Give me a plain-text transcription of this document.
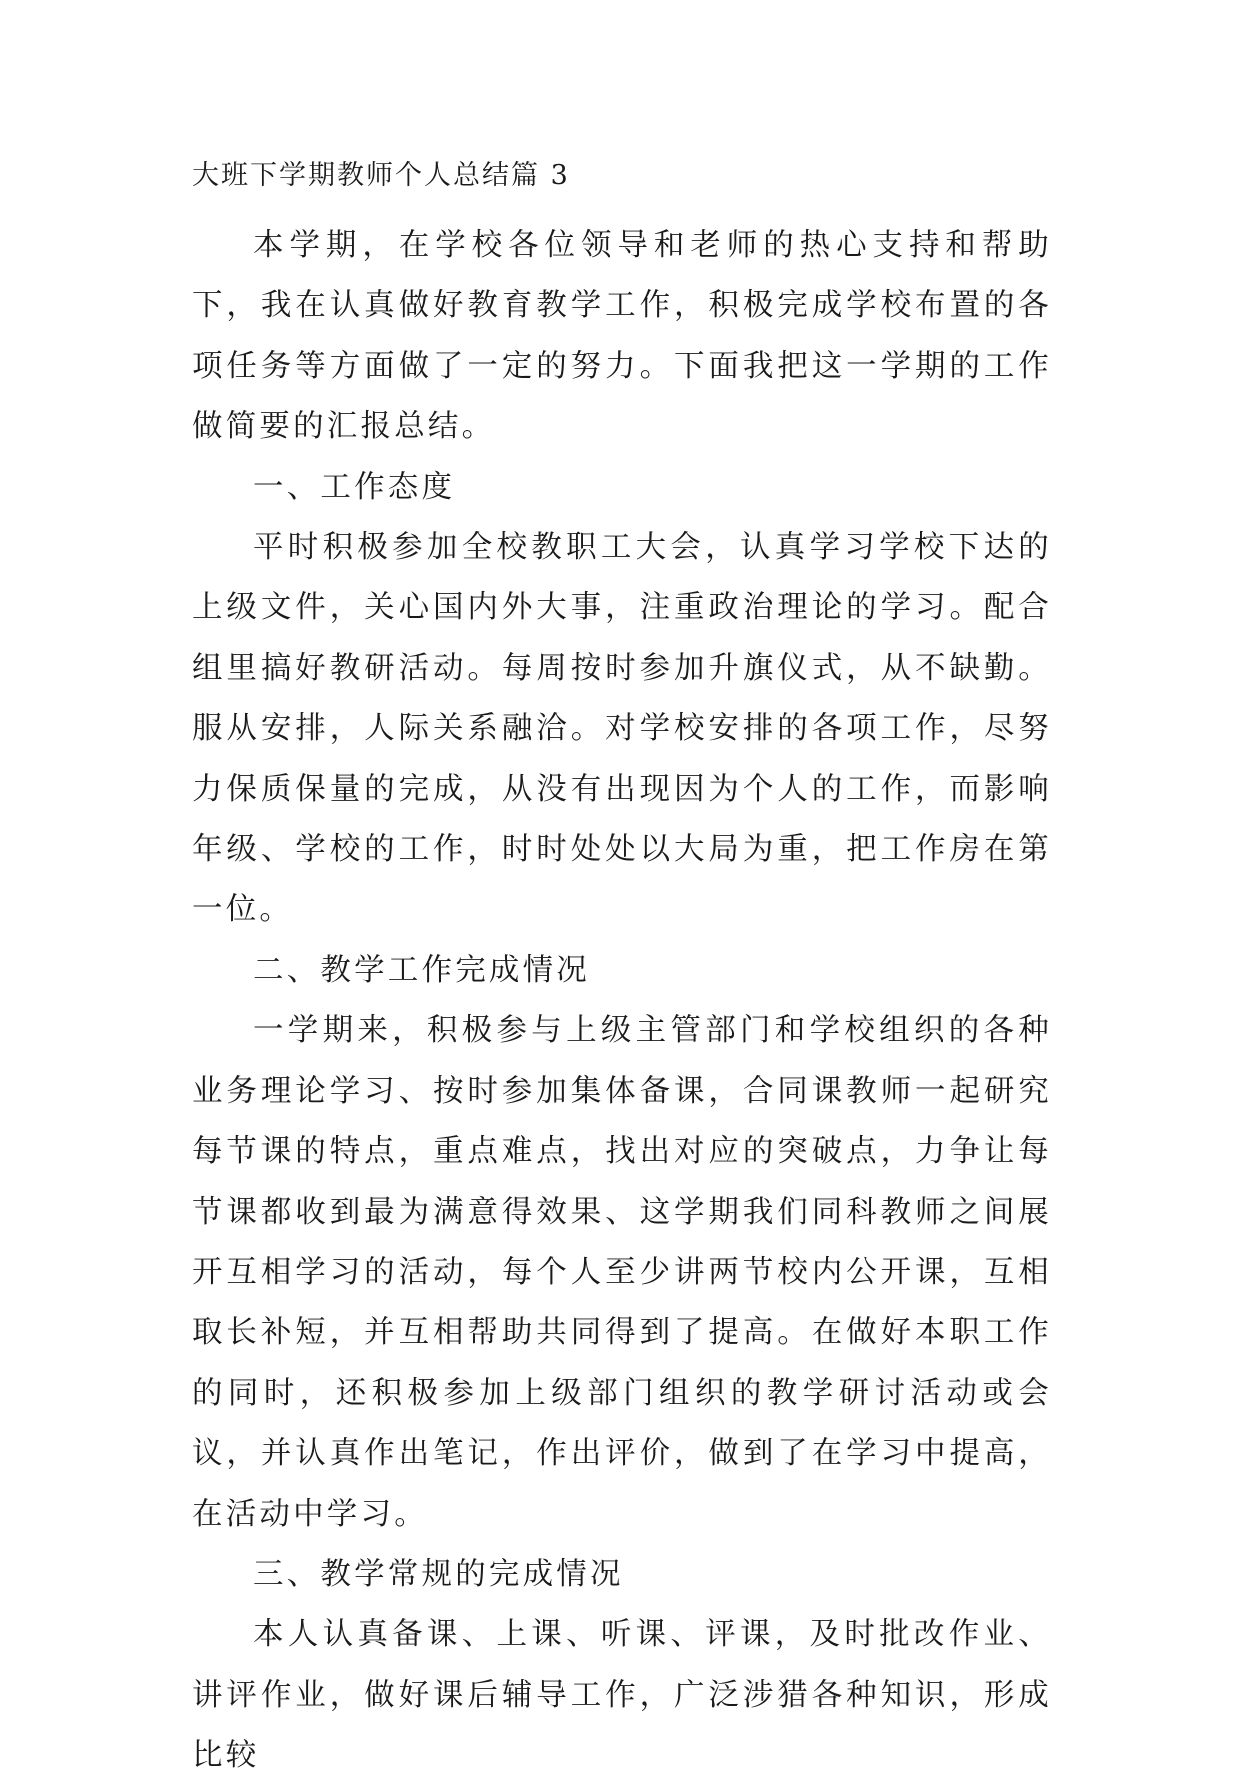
大班下学期教师个人总结篇 3

本学期，在学校各位领导和老师的热心支持和帮助下，我在认真做好教育教学工作，积极完成学校布置的各项任务等方面做了一定的努力。下面我把这一学期的工作做简要的汇报总结。

一、工作态度

平时积极参加全校教职工大会，认真学习学校下达的上级文件，关心国内外大事，注重政治理论的学习。配合组里搞好教研活动。每周按时参加升旗仪式，从不缺勤。服从安排，人际关系融洽。对学校安排的各项工作，尽努力保质保量的完成，从没有出现因为个人的工作，而影响年级、学校的工作，时时处处以大局为重，把工作房在第一位。

二、教学工作完成情况

一学期来，积极参与上级主管部门和学校组织的各种业务理论学习、按时参加集体备课，合同课教师一起研究每节课的特点，重点难点，找出对应的突破点，力争让每节课都收到最为满意得效果、这学期我们同科教师之间展开互相学习的活动，每个人至少讲两节校内公开课，互相取长补短，并互相帮助共同得到了提高。在做好本职工作的同时，还积极参加上级部门组织的教学研讨活动或会议，并认真作出笔记，作出评价，做到了在学习中提高，在活动中学习。

三、教学常规的完成情况

本人认真备课、上课、听课、评课，及时批改作业、讲评作业，做好课后辅导工作，广泛涉猎各种知识，形成比较
